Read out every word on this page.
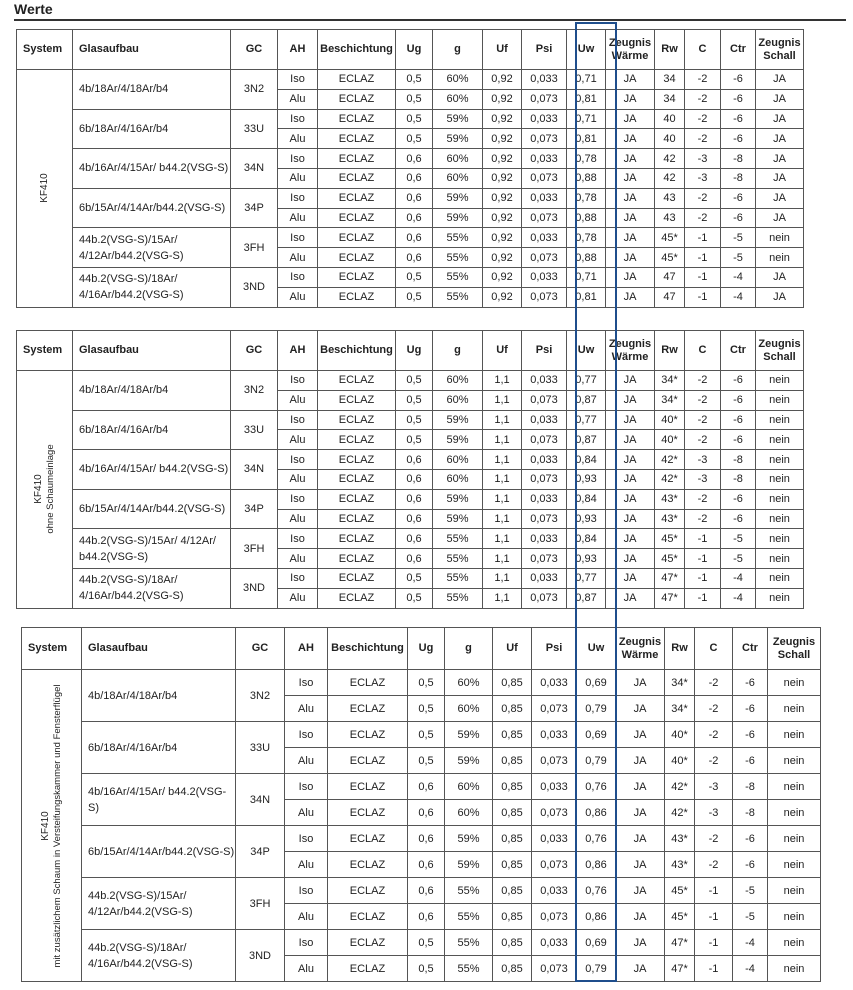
Werte
System	Glasaufbau	GC	AH	Beschichtung	Ug	g	Uf	Psi	Uw	Zeugnis Wärme	Rw	C	Ctr	Zeugnis Schall

KF410	4b/18Ar/4/18Ar/b4	3N2	Iso	ECLAZ	0,5	60%	0,92	0,033	0,71	JA	34	-2	-6	JA
			Alu	ECLAZ	0,5	60%	0,92	0,073	0,81	JA	34	-2	-6	JA
	6b/18Ar/4/16Ar/b4	33U	Iso	ECLAZ	0,5	59%	0,92	0,033	0,71	JA	40	-2	-6	JA
			Alu	ECLAZ	0,5	59%	0,92	0,073	0,81	JA	40	-2	-6	JA
	4b/16Ar/4/15Ar/ b44.2(VSG-S)	34N	Iso	ECLAZ	0,6	60%	0,92	0,033	0,78	JA	42	-3	-8	JA
			Alu	ECLAZ	0,6	60%	0,92	0,073	0,88	JA	42	-3	-8	JA
	6b/15Ar/4/14Ar/b44.2(VSG-S)	34P	Iso	ECLAZ	0,6	59%	0,92	0,033	0,78	JA	43	-2	-6	JA
			Alu	ECLAZ	0,6	59%	0,92	0,073	0,88	JA	43	-2	-6	JA
	44b.2(VSG-S)/15Ar/ 4/12Ar/b44.2(VSG-S)	3FH	Iso	ECLAZ	0,6	55%	0,92	0,033	0,78	JA	45*	-1	-5	nein
			Alu	ECLAZ	0,6	55%	0,92	0,073	0,88	JA	45*	-1	-5	nein
	44b.2(VSG-S)/18Ar/ 4/16Ar/b44.2(VSG-S)	3ND	Iso	ECLAZ	0,5	55%	0,92	0,033	0,71	JA	47	-1	-4	JA
			Alu	ECLAZ	0,5	55%	0,92	0,073	0,81	JA	47	-1	-4	JA
System	Glasaufbau	GC	AH	Beschichtung	Ug	g	Uf	Psi	Uw	Zeugnis Wärme	Rw	C	Ctr	Zeugnis Schall

KF410 ohne Schaumeinlage	4b/18Ar/4/18Ar/b4	3N2	Iso	ECLAZ	0,5	60%	1,1	0,033	0,77	JA	34*	-2	-6	nein
			Alu	ECLAZ	0,5	60%	1,1	0,073	0,87	JA	34*	-2	-6	nein
	6b/18Ar/4/16Ar/b4	33U	Iso	ECLAZ	0,5	59%	1,1	0,033	0,77	JA	40*	-2	-6	nein
			Alu	ECLAZ	0,5	59%	1,1	0,073	0,87	JA	40*	-2	-6	nein
	4b/16Ar/4/15Ar/ b44.2(VSG-S)	34N	Iso	ECLAZ	0,6	60%	1,1	0,033	0,84	JA	42*	-3	-8	nein
			Alu	ECLAZ	0,6	60%	1,1	0,073	0,93	JA	42*	-3	-8	nein
	6b/15Ar/4/14Ar/b44.2(VSG-S)	34P	Iso	ECLAZ	0,6	59%	1,1	0,033	0,84	JA	43*	-2	-6	nein
			Alu	ECLAZ	0,6	59%	1,1	0,073	0,93	JA	43*	-2	-6	nein
	44b.2(VSG-S)/15Ar/ 4/12Ar/ b44.2(VSG-S)	3FH	Iso	ECLAZ	0,6	55%	1,1	0,033	0,84	JA	45*	-1	-5	nein
			Alu	ECLAZ	0,6	55%	1,1	0,073	0,93	JA	45*	-1	-5	nein
	44b.2(VSG-S)/18Ar/ 4/16Ar/b44.2(VSG-S)	3ND	Iso	ECLAZ	0,5	55%	1,1	0,033	0,77	JA	47*	-1	-4	nein
			Alu	ECLAZ	0,5	55%	1,1	0,073	0,87	JA	47*	-1	-4	nein
System	Glasaufbau	GC	AH	Beschichtung	Ug	g	Uf	Psi	Uw	Zeugnis Wärme	Rw	C	Ctr	Zeugnis Schall

KF410 mit zusätzlichem Schaum in Versteifungskammer und Fensterflügel	4b/18Ar/4/18Ar/b4	3N2	Iso	ECLAZ	0,5	60%	0,85	0,033	0,69	JA	34*	-2	-6	nein
			Alu	ECLAZ	0,5	60%	0,85	0,073	0,79	JA	34*	-2	-6	nein
	6b/18Ar/4/16Ar/b4	33U	Iso	ECLAZ	0,5	59%	0,85	0,033	0,69	JA	40*	-2	-6	nein
			Alu	ECLAZ	0,5	59%	0,85	0,073	0,79	JA	40*	-2	-6	nein
	4b/16Ar/4/15Ar/ b44.2(VSG-S)	34N	Iso	ECLAZ	0,6	60%	0,85	0,033	0,76	JA	42*	-3	-8	nein
			Alu	ECLAZ	0,6	60%	0,85	0,073	0,86	JA	42*	-3	-8	nein
	6b/15Ar/4/14Ar/b44.2(VSG-S)	34P	Iso	ECLAZ	0,6	59%	0,85	0,033	0,76	JA	43*	-2	-6	nein
			Alu	ECLAZ	0,6	59%	0,85	0,073	0,86	JA	43*	-2	-6	nein
	44b.2(VSG-S)/15Ar/ 4/12Ar/b44.2(VSG-S)	3FH	Iso	ECLAZ	0,6	55%	0,85	0,033	0,76	JA	45*	-1	-5	nein
			Alu	ECLAZ	0,6	55%	0,85	0,073	0,86	JA	45*	-1	-5	nein
	44b.2(VSG-S)/18Ar/ 4/16Ar/b44.2(VSG-S)	3ND	Iso	ECLAZ	0,5	55%	0,85	0,033	0,69	JA	47*	-1	-4	nein
			Alu	ECLAZ	0,5	55%	0,85	0,073	0,79	JA	47*	-1	-4	nein
